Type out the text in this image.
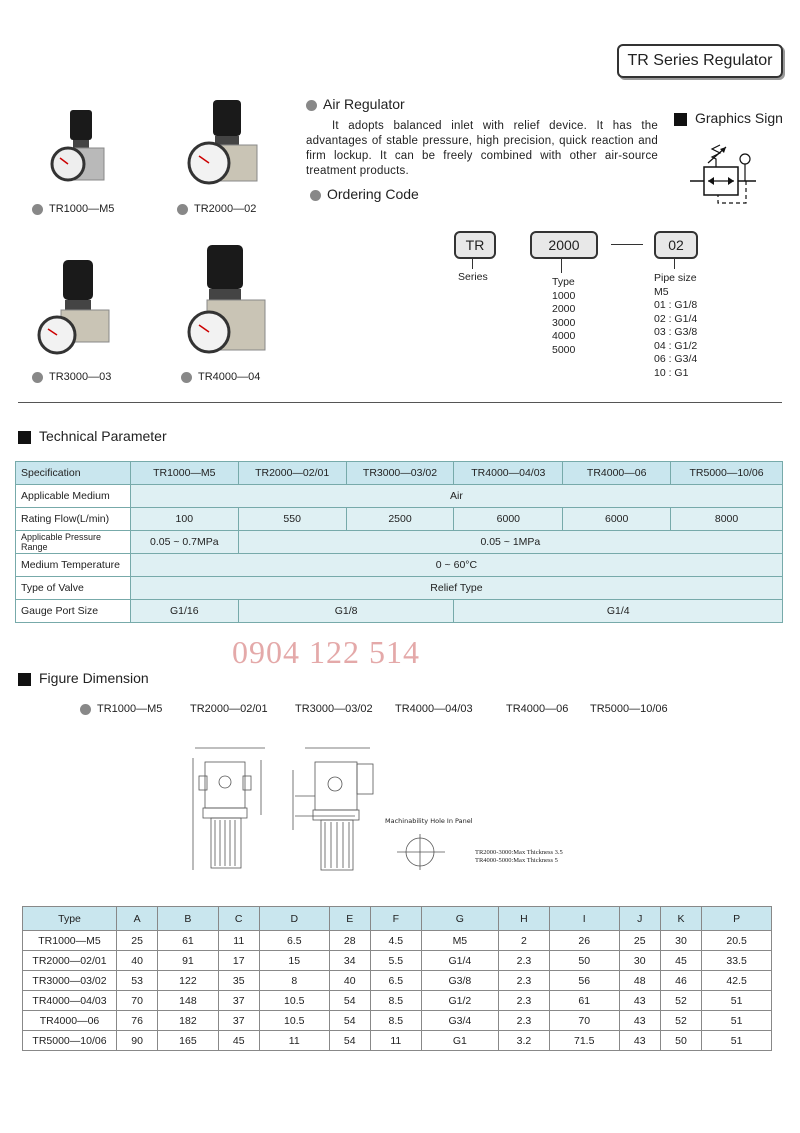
TR Series Regulator
TR1000—M5	TR2000—02
TR3000—03	TR4000—04
Air Regulator
It adopts balanced inlet with relief device. It has the advantages of stable pressure, high precision, quick reaction and firm lockup. It can be freely combined with other air-source treatment products.
Graphics Sign
Ordering Code
TR	2000	02
Series	Type
1000
2000
3000
4000
5000
Pipe size
M5
01 : G1/8
02 : G1/4
03 : G3/8
04 : G1/2
06 : G3/4
10 : G1
Technical Parameter
Specification	TR1000—M5	TR2000—02/01	TR3000—03/02	TR4000—04/03	TR4000—06	TR5000—10/06
Applicable Medium	Air					
Rating Flow(L/min)	100	550	2500	6000	6000	8000
Applicable Pressure Range	0.05 ~ 0.7MPa	0.05 ~ 1MPa				
Medium Temperature	0 ~ 60°C					
Type of Valve	Relief Type					
Gauge Port Size	G1/16	G1/8		G1/4		
0904 122 514
Figure Dimension
TR1000—M5	TR2000—02/01 TR3000—03/02 TR4000—04/03	TR4000—06 TR5000—10/06
Machinability Hole In Panel
TR2000-3000:Max Thickness 3.5
TR4000-5000:Max Thickness 5
Type	A	B	C	D	E	F	G	H	I	J	K	P
TR1000—M5	25	61	11	6.5	28	4.5	M5	2	26	25	30	20.5
TR2000—02/01	40	91	17	15	34	5.5	G1/4	2.3	50	30	45	33.5
TR3000—03/02	53	122	35	8	40	6.5	G3/8	2.3	56	48	46	42.5
TR4000—04/03	70	148	37	10.5	54	8.5	G1/2	2.3	61	43	52	51
TR4000—06	76	182	37	10.5	54	8.5	G3/4	2.3	70	43	52	51
TR5000—10/06	90	165	45	11	54	11	G1	3.2	71.5	43	50	51
